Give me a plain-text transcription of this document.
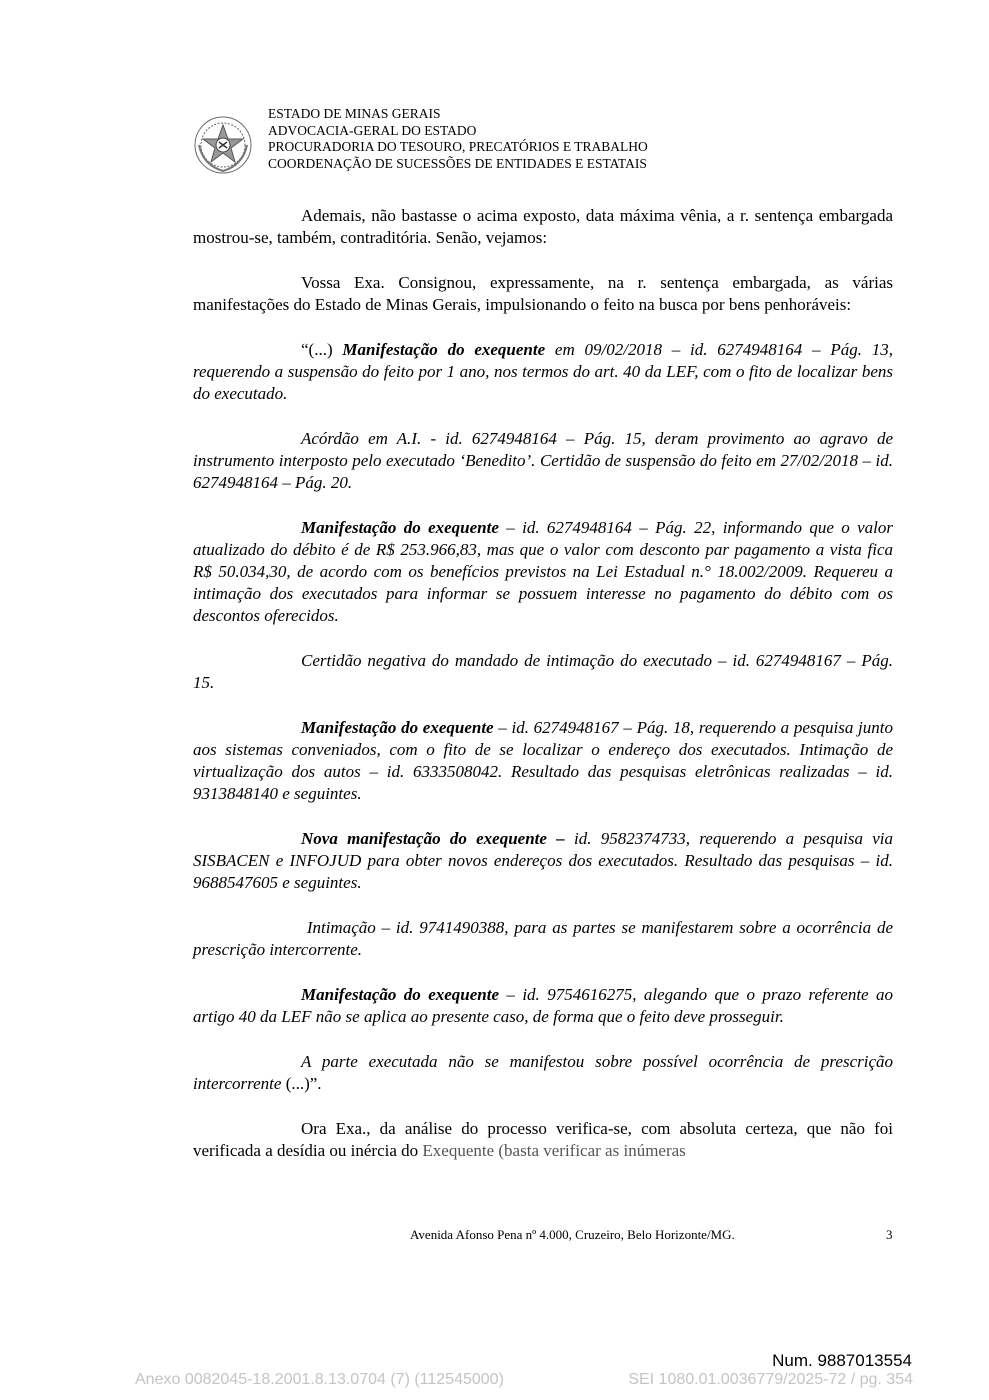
ESTADO DE MINAS GERAIS
ADVOCACIA-GERAL DO ESTADO
PROCURADORIA DO TESOURO, PRECATÓRIOS E TRABALHO
COORDENAÇÃO DE SUCESSÕES DE ENTIDADES E ESTATAIS

Ademais, não bastasse o acima exposto, data máxima vênia, a r. sentença embargada mostrou-se, também, contraditória. Senão, vejamos:

Vossa Exa. Consignou, expressamente, na r. sentença embargada, as várias manifestações do Estado de Minas Gerais, impulsionando o feito na busca por bens penhoráveis:

“(...) Manifestação do exequente em 09/02/2018 – id. 6274948164 – Pág. 13, requerendo a suspensão do feito por 1 ano, nos termos do art. 40 da LEF, com o fito de localizar bens do executado.

Acórdão em A.I. - id. 6274948164 – Pág. 15, deram provimento ao agravo de instrumento interposto pelo executado ‘Benedito’. Certidão de suspensão do feito em 27/02/2018 – id. 6274948164 – Pág. 20.

Manifestação do exequente – id. 6274948164 – Pág. 22, informando que o valor atualizado do débito é de R$ 253.966,83, mas que o valor com desconto par pagamento a vista fica R$ 50.034,30, de acordo com os benefícios previstos na Lei Estadual n.° 18.002/2009. Requereu a intimação dos executados para informar se possuem interesse no pagamento do débito com os descontos oferecidos.

Certidão negativa do mandado de intimação do executado – id. 6274948167 – Pág. 15.

Manifestação do exequente – id. 6274948167 – Pág. 18, requerendo a pesquisa junto aos sistemas conveniados, com o fito de se localizar o endereço dos executados. Intimação de virtualização dos autos – id. 6333508042. Resultado das pesquisas eletrônicas realizadas – id. 9313848140 e seguintes.

Nova manifestação do exequente – id. 9582374733, requerendo a pesquisa via SISBACEN e INFOJUD para obter novos endereços dos executados. Resultado das pesquisas – id. 9688547605 e seguintes.

Intimação – id. 9741490388, para as partes se manifestarem sobre a ocorrência de prescrição intercorrente.

Manifestação do exequente – id. 9754616275, alegando que o prazo referente ao artigo 40 da LEF não se aplica ao presente caso, de forma que o feito deve prosseguir.

A parte executada não se manifestou sobre possível ocorrência de prescrição intercorrente (...)”.

Ora Exa., da análise do processo verifica-se, com absoluta certeza, que não foi verificada a desídia ou inércia do Exequente (basta verificar as inúmeras

Avenida Afonso Pena nº 4.000, Cruzeiro, Belo Horizonte/MG.	3
Num. 9887013554
Anexo 0082045-18.2001.8.13.0704 (7) (112545000)	SEI 1080.01.0036779/2025-72 / pg. 354
